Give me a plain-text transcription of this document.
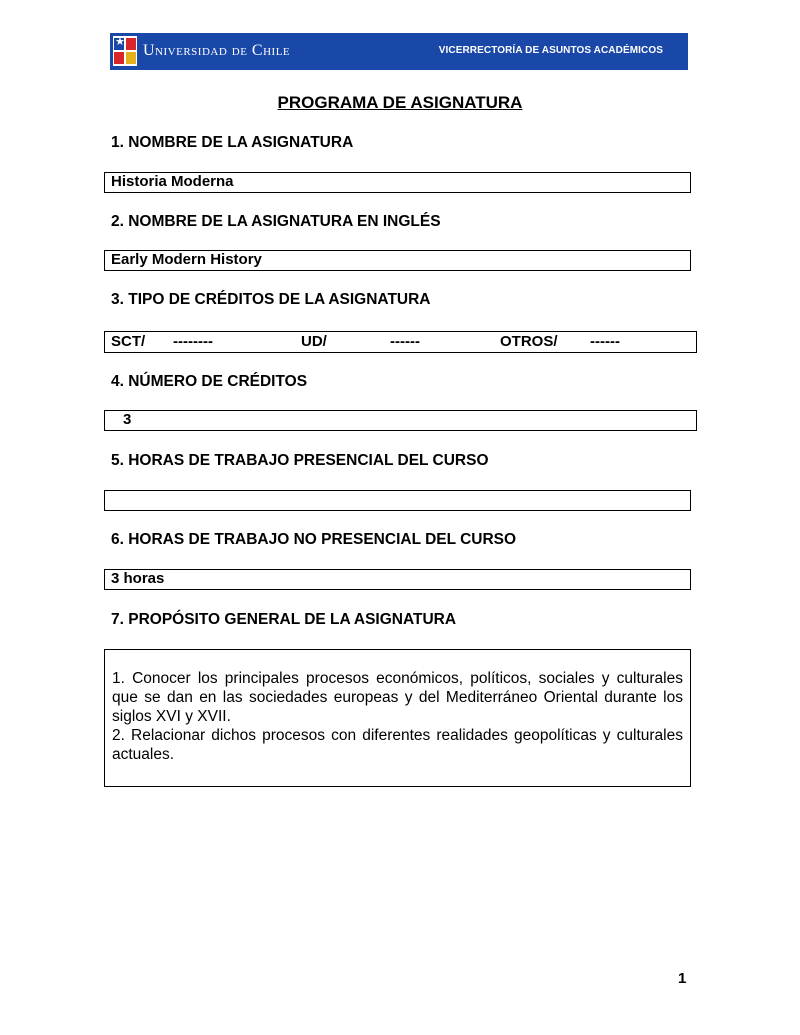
★ Universidad de Chile	VICERRECTORÍA DE ASUNTOS ACADÉMICOS
PROGRAMA DE ASIGNATURA
1. NOMBRE DE LA ASIGNATURA
Historia Moderna
2. NOMBRE DE LA ASIGNATURA EN INGLÉS
Early Modern History
3. TIPO DE CRÉDITOS DE LA ASIGNATURA
SCT/ --------	UD/	------	OTROS/ ------
4. NÚMERO DE CRÉDITOS
3
5. HORAS DE TRABAJO PRESENCIAL DEL CURSO
6. HORAS DE TRABAJO NO PRESENCIAL DEL CURSO
3 horas
7. PROPÓSITO GENERAL DE LA ASIGNATURA

1. Conocer los principales procesos económicos, políticos, sociales y culturales que se dan en las sociedades europeas y del Mediterráneo Oriental durante los siglos XVI y XVII.

2. Relacionar dichos procesos con diferentes realidades geopolíticas y culturales actuales.

1
